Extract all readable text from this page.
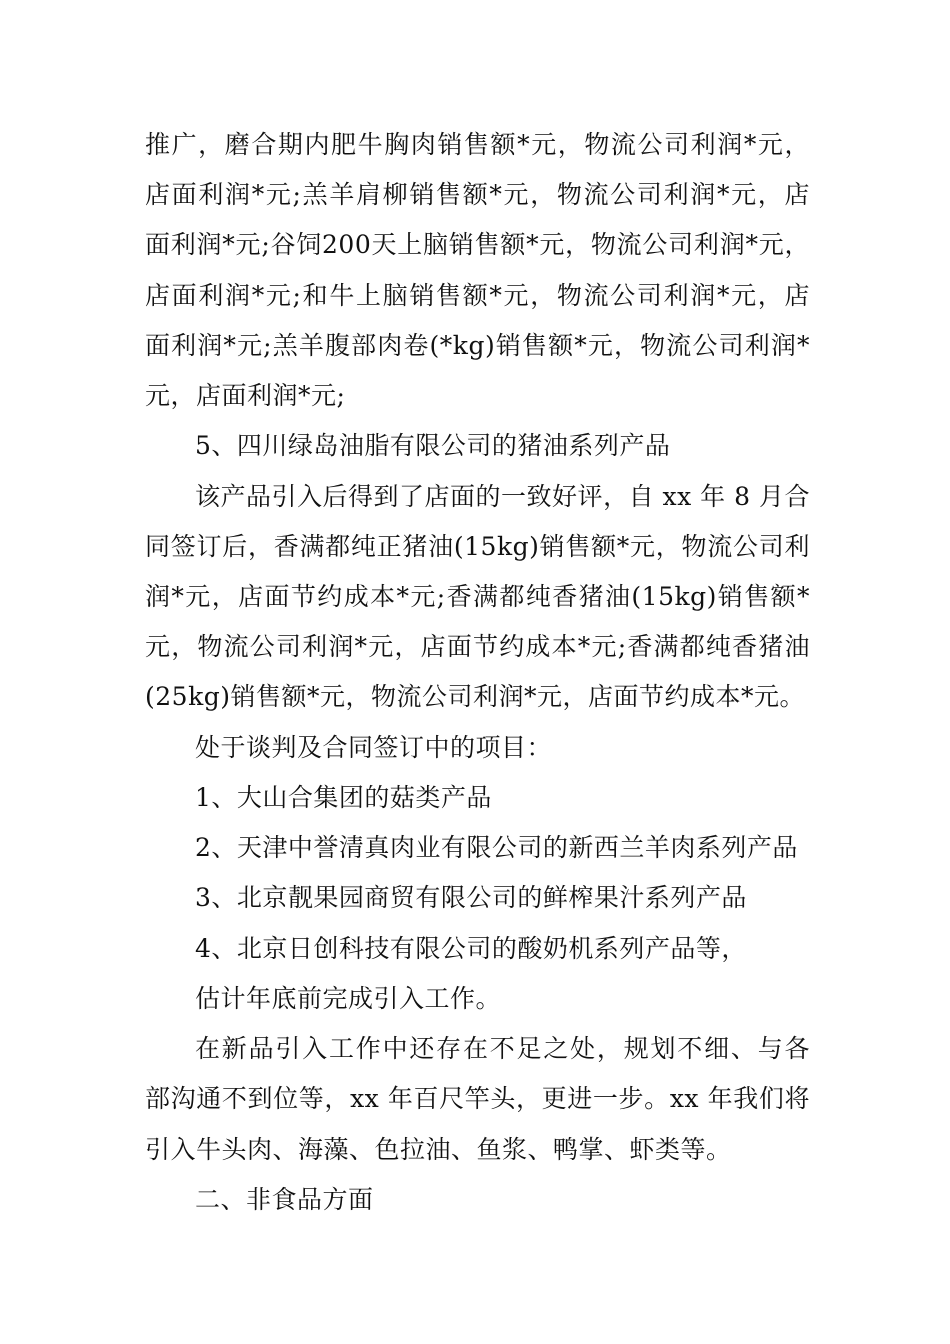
推广，磨合期内肥牛胸肉销售额*元，物流公司利润*元，
店面利润*元;羔羊肩柳销售额*元，物流公司利润*元，店
面利润*元;谷饲200天上脑销售额*元，物流公司利润*元，
店面利润*元;和牛上脑销售额*元，物流公司利润*元，店
面利润*元;羔羊腹部肉卷(*kg)销售额*元，物流公司利润*
元，店面利润*元;
5、四川绿岛油脂有限公司的猪油系列产品
该产品引入后得到了店面的一致好评，自 xx 年 8 月合
同签订后，香满都纯正猪油(15kg)销售额*元，物流公司利
润*元，店面节约成本*元;香满都纯香猪油(15kg)销售额*
元，物流公司利润*元，店面节约成本*元;香满都纯香猪油
(25kg)销售额*元，物流公司利润*元，店面节约成本*元。
处于谈判及合同签订中的项目：
1、大山合集团的菇类产品
2、天津中誉清真肉业有限公司的新西兰羊肉系列产品
3、北京靓果园商贸有限公司的鲜榨果汁系列产品
4、北京日创科技有限公司的酸奶机系列产品等，
估计年底前完成引入工作。
在新品引入工作中还存在不足之处，规划不细、与各
部沟通不到位等，xx 年百尺竿头，更进一步。xx 年我们将
引入牛头肉、海藻、色拉油、鱼浆、鸭掌、虾类等。
二、非食品方面
